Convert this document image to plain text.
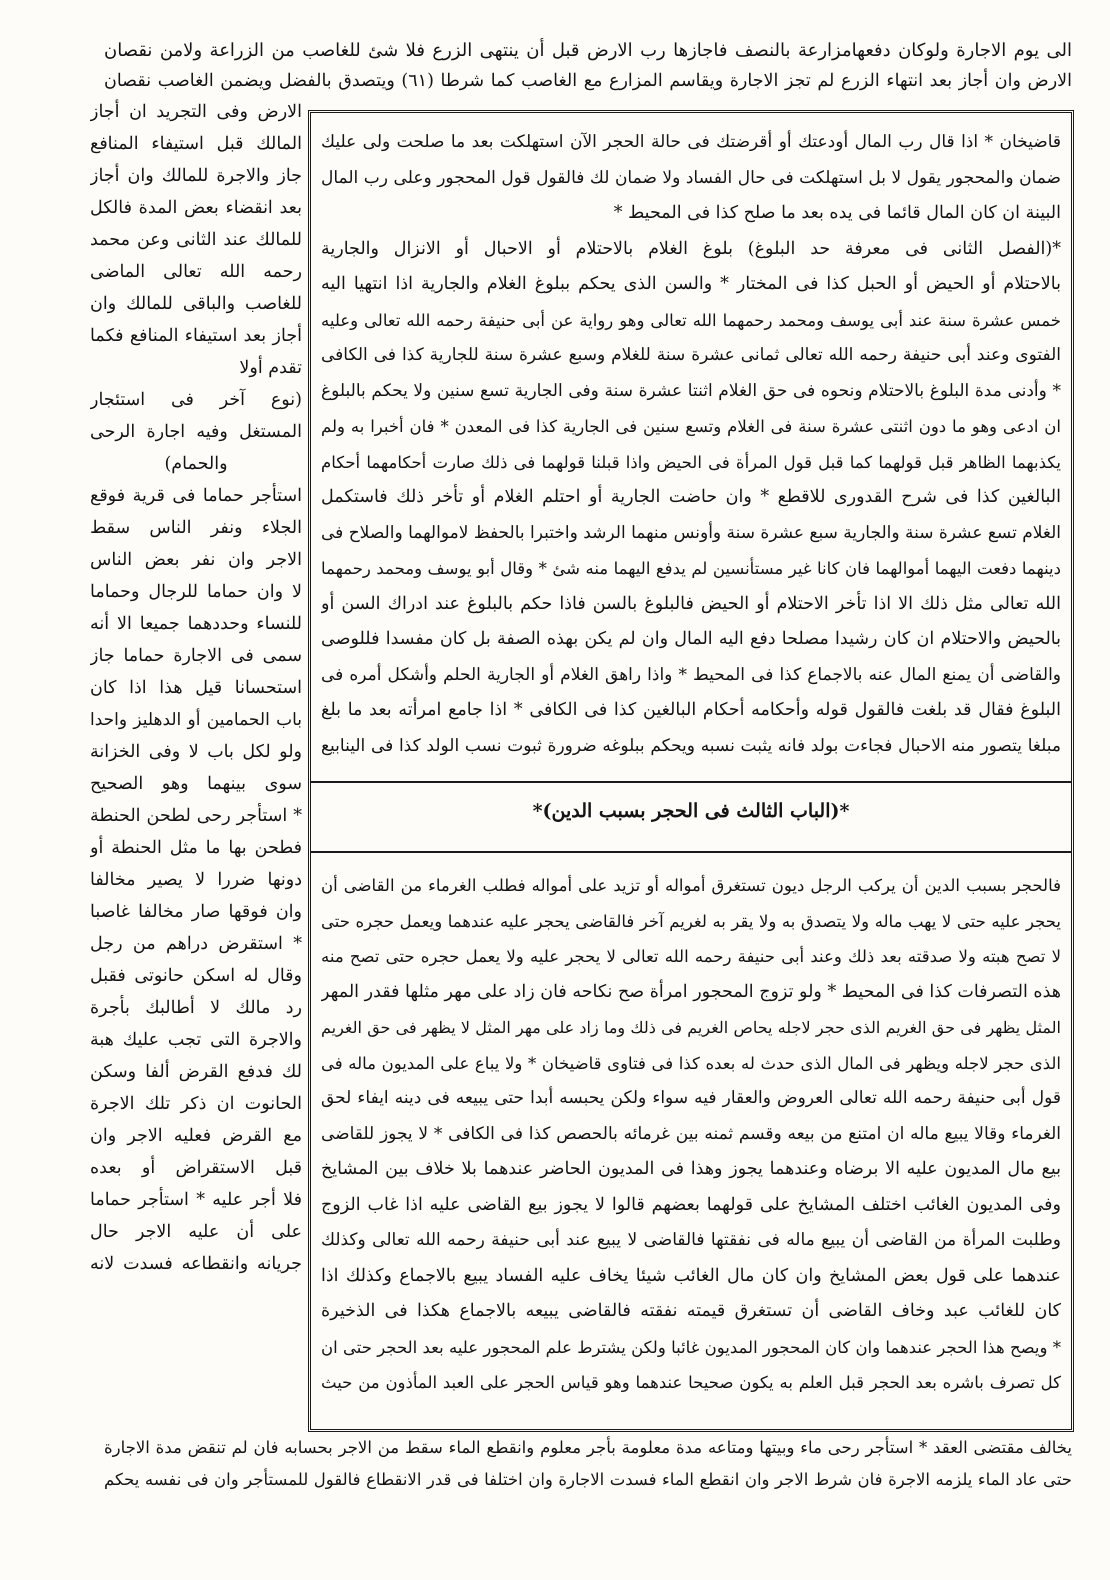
الى يوم الاجارة ولوكان دفعهامزارعة بالنصف فاجازها رب الارض قبل أن ينتهى الزرع فلا شئ للغاصب من الزراعة ولامن نقصان
الارض وان أجاز بعد انتهاء الزرع لم تجز الاجارة ويقاسم المزارع مع الغاصب كما شرطا (٦١) ويتصدق بالفضل ويضمن الغاصب نقصان
الارض وفى التجريد ان أجاز
المالك قبل استيفاء المنافع
جاز والاجرة للمالك وان أجاز
بعد انقضاء بعض المدة فالكل
للمالك عند الثانى وعن محمد
رحمه الله تعالى الماضى
للغاصب والباقى للمالك وان
أجاز بعد استيفاء المنافع فكما
تقدم أولا
(نوع آخر فى استئجار
المستغل وفيه اجارة الرحى
والحمام)
استأجر حماما فى قرية فوقع
الجلاء ونفر الناس سقط
الاجر وان نفر بعض الناس
لا وان حماما للرجال وحماما
للنساء وحددهما جميعا الا أنه
سمى فى الاجارة حماما جاز
استحسانا قيل هذا اذا كان
باب الحمامين أو الدهليز واحدا
ولو لكل باب لا وفى الخزانة
سوى بينهما وهو الصحيح
* استأجر رحى لطحن الحنطة
فطحن بها ما مثل الحنطة أو
دونها ضررا لا يصير مخالفا
وان فوقها صار مخالفا غاصبا
* استقرض دراهم من رجل
وقال له اسكن حانوتى فقبل
رد مالك لا أطالبك بأجرة
والاجرة التى تجب عليك هبة
لك فدفع القرض ألفا وسكن
الحانوت ان ذكر تلك الاجرة
مع القرض فعليه الاجر وان
قبل الاستقراض أو بعده
فلا أجر عليه * استأجر حماما
على أن عليه الاجر حال
جريانه وانقطاعه فسدت لانه
قاضيخان * اذا قال رب المال أودعتك أو أقرضتك فى حالة الحجر الآن استهلكت بعد ما صلحت ولى عليك
ضمان والمحجور يقول لا بل استهلكت فى حال الفساد ولا ضمان لك فالقول قول المحجور وعلى رب المال
البينة ان كان المال قائما فى يده بعد ما صلح كذا فى المحيط *
*(الفصل الثانى فى معرفة حد البلوغ) بلوغ الغلام بالاحتلام أو الاحبال أو الانزال والجارية
بالاحتلام أو الحيض أو الحبل كذا فى المختار * والسن الذى يحكم ببلوغ الغلام والجارية اذا انتهيا اليه
خمس عشرة سنة عند أبى يوسف ومحمد رحمهما الله تعالى وهو رواية عن أبى حنيفة رحمه الله تعالى وعليه
الفتوى وعند أبى حنيفة رحمه الله تعالى ثمانى عشرة سنة للغلام وسبع عشرة سنة للجارية كذا فى الكافى
* وأدنى مدة البلوغ بالاحتلام ونحوه فى حق الغلام اثنتا عشرة سنة وفى الجارية تسع سنين ولا يحكم بالبلوغ
ان ادعى وهو ما دون اثنتى عشرة سنة فى الغلام وتسع سنين فى الجارية كذا فى المعدن * فان أخبرا به ولم
يكذبهما الظاهر قبل قولهما كما قبل قول المرأة فى الحيض واذا قبلنا قولهما فى ذلك صارت أحكامهما أحكام
البالغين كذا فى شرح القدورى للاقطع * وان حاضت الجارية أو احتلم الغلام أو تأخر ذلك فاستكمل
الغلام تسع عشرة سنة والجارية سبع عشرة سنة وأونس منهما الرشد واختبرا بالحفظ لاموالهما والصلاح فى
دينهما دفعت اليهما أموالهما فان كانا غير مستأنسين لم يدفع اليهما منه شئ * وقال أبو يوسف ومحمد رحمهما
الله تعالى مثل ذلك الا اذا تأخر الاحتلام أو الحيض فالبلوغ بالسن فاذا حكم بالبلوغ عند ادراك السن أو
بالحيض والاحتلام ان كان رشيدا مصلحا دفع اليه المال وان لم يكن بهذه الصفة بل كان مفسدا فللوصى
والقاضى أن يمنع المال عنه بالاجماع كذا فى المحيط * واذا راهق الغلام أو الجارية الحلم وأشكل أمره فى
البلوغ فقال قد بلغت فالقول قوله وأحكامه أحكام البالغين كذا فى الكافى * اذا جامع امرأته بعد ما بلغ
مبلغا يتصور منه الاحبال فجاءت بولد فانه يثبت نسبه ويحكم ببلوغه ضرورة ثبوت نسب الولد كذا فى الينابيع
*(الباب الثالث فى الحجر بسبب الدين)*
فالحجر بسبب الدين أن يركب الرجل ديون تستغرق أمواله أو تزيد على أمواله فطلب الغرماء من القاضى أن
يحجر عليه حتى لا يهب ماله ولا يتصدق به ولا يقر به لغريم آخر فالقاضى يحجر عليه عندهما ويعمل حجره حتى
لا تصح هبته ولا صدقته بعد ذلك وعند أبى حنيفة رحمه الله تعالى لا يحجر عليه ولا يعمل حجره حتى تصح منه
هذه التصرفات كذا فى المحيط * ولو تزوج المحجور امرأة صح نكاحه فان زاد على مهر مثلها فقدر المهر
المثل يظهر فى حق الغريم الذى حجر لاجله يحاص الغريم فى ذلك وما زاد على مهر المثل لا يظهر فى حق الغريم
الذى حجر لاجله ويظهر فى المال الذى حدث له بعده كذا فى فتاوى قاضيخان * ولا يباع على المديون ماله فى
قول أبى حنيفة رحمه الله تعالى العروض والعقار فيه سواء ولكن يحبسه أبدا حتى يبيعه فى دينه ايفاء لحق
الغرماء وقالا يبيع ماله ان امتنع من بيعه وقسم ثمنه بين غرمائه بالحصص كذا فى الكافى * لا يجوز للقاضى
بيع مال المديون عليه الا برضاه وعندهما يجوز وهذا فى المديون الحاضر عندهما بلا خلاف بين المشايخ
وفى المديون الغائب اختلف المشايخ على قولهما بعضهم قالوا لا يجوز بيع القاضى عليه اذا غاب الزوج
وطلبت المرأة من القاضى أن يبيع ماله فى نفقتها فالقاضى لا يبيع عند أبى حنيفة رحمه الله تعالى وكذلك
عندهما على قول بعض المشايخ وان كان مال الغائب شيئا يخاف عليه الفساد يبيع بالاجماع وكذلك اذا
كان للغائب عبد وخاف القاضى أن تستغرق قيمته نفقته فالقاضى يبيعه بالاجماع هكذا فى الذخيرة
* ويصح هذا الحجر عندهما وان كان المحجور المديون غائبا ولكن يشترط علم المحجور عليه بعد الحجر حتى ان
كل تصرف باشره بعد الحجر قبل العلم به يكون صحيحا عندهما وهو قياس الحجر على العبد المأذون من حيث
يخالف مقتضى العقد * استأجر رحى ماء وبيتها ومتاعه مدة معلومة بأجر معلوم وانقطع الماء سقط من الاجر بحسابه فان لم تنقض مدة الاجارة
حتى عاد الماء يلزمه الاجرة فان شرط الاجر وان انقطع الماء فسدت الاجارة وان اختلفا فى قدر الانقطاع فالقول للمستأجر وان فى نفسه يحكم
